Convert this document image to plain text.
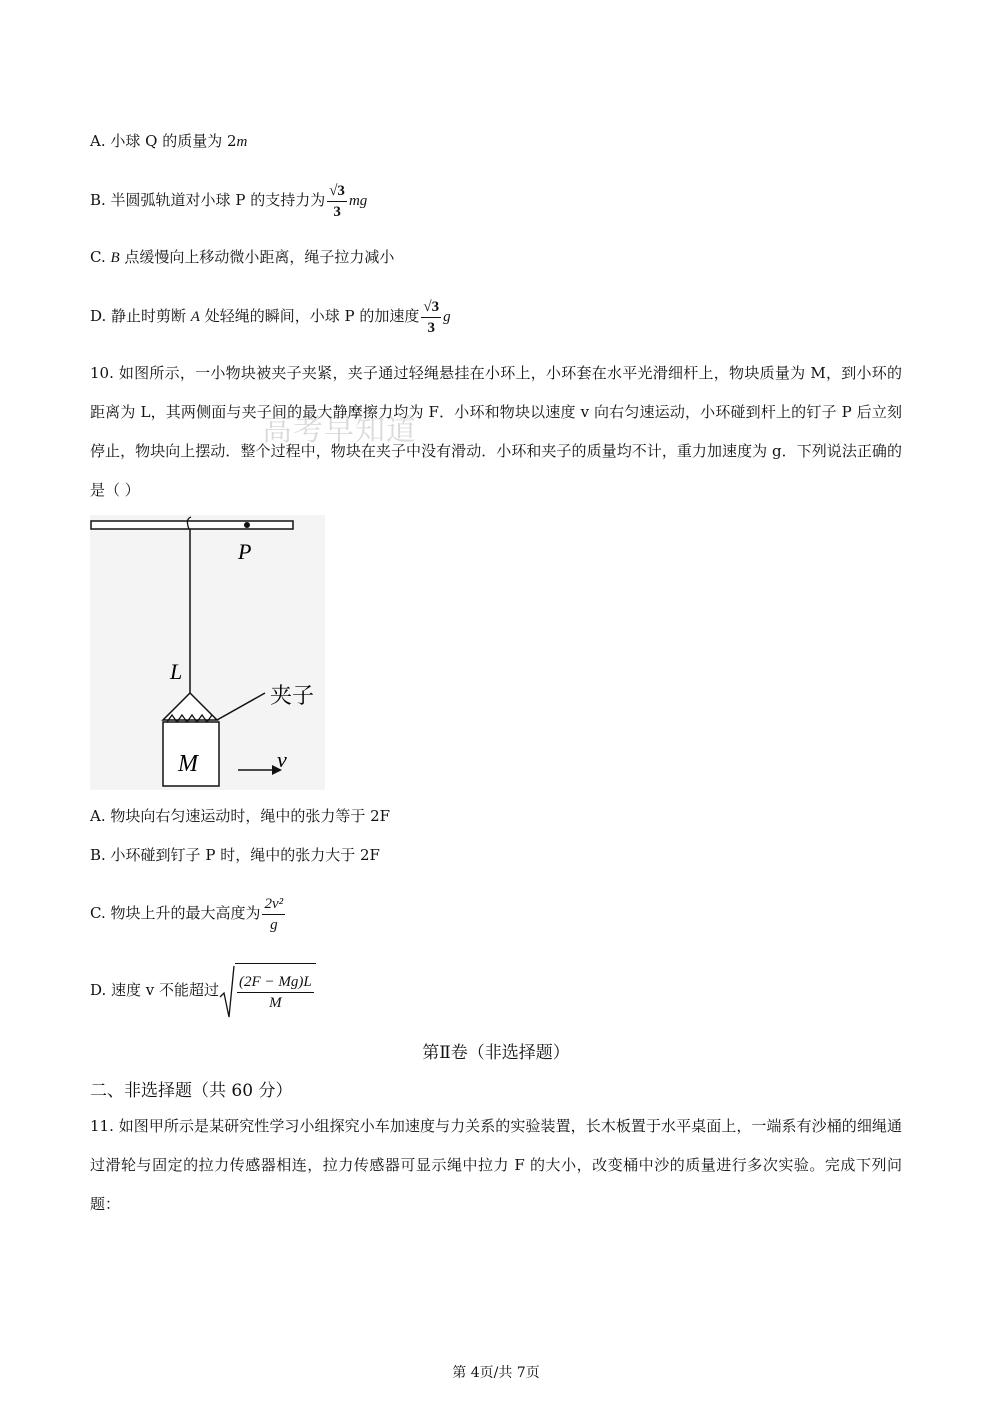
A. 小球 Q 的质量为 2m
B. 半圆弧轨道对小球 P 的支持力为 $\frac{√3}{3}$ mg
C. B 点缓慢向上移动微小距离，绳子拉力减小
D. 静止时剪断 A 处轻绳的瞬间，小球 P 的加速度 $\frac{√3}{3}$ g
10. 如图所示，一小物块被夹子夹紧，夹子通过轻绳悬挂在小环上，小环套在水平光滑细杆上，物块质量为 M，到小环的距离为 L，其两侧面与夹子间的最大静摩擦力均为 F．小环和物块以速度 v 向右匀速运动，小环碰到杆上的钉子 P 后立刻停止，物块向上摆动．整个过程中，物块在夹子中没有滑动．小环和夹子的质量均不计，重力加速度为 g．下列说法正确的是（ ）
高考早知道
P
L
夹子
M	v
A. 物块向右匀速运动时，绳中的张力等于 2F
B. 小环碰到钉子 P 时，绳中的张力大于 2F
C. 物块上升的最大高度为 $\frac{\text{2v²}}{g}$
D. 速度 v 不能超过 $\frac{(2F - Mg)L}{M}$
第Ⅱ卷（非选择题）
二、非选择题（共 60 分）
11. 如图甲所示是某研究性学习小组探究小车加速度与力关系的实验装置，长木板置于水平桌面上，一端系有沙桶的细绳通过滑轮与固定的拉力传感器相连，拉力传感器可显示绳中拉力 F 的大小，改变桶中沙的质量进行多次实验。完成下列问题：
第 4页/共 7页
